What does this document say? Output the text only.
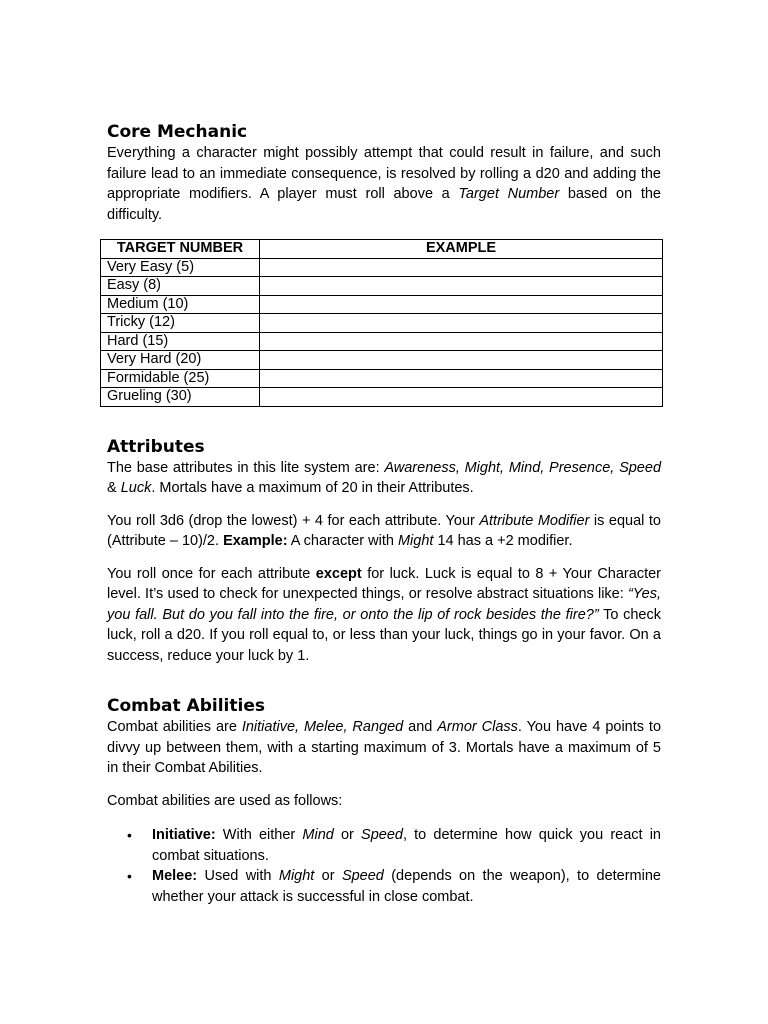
Core Mechanic

Everything a character might possibly attempt that could result in failure, and such failure lead to an immediate consequence, is resolved by rolling a d20 and adding the appropriate modifiers. A player must roll above a Target Number based on the difficulty.

TARGET NUMBER	EXAMPLE
Very Easy (5)	
Easy (8)	
Medium (10)	
Tricky (12)	
Hard (15)	
Very Hard (20)	
Formidable (25)	
Grueling (30)	
Attributes

The base attributes in this lite system are: Awareness, Might, Mind, Presence, Speed & Luck. Mortals have a maximum of 20 in their Attributes.

You roll 3d6 (drop the lowest) + 4 for each attribute. Your Attribute Modifier is equal to (Attribute – 10)/2. Example: A character with Might 14 has a +2 modifier.

You roll once for each attribute except for luck. Luck is equal to 8 + Your Character level. It’s used to check for unexpected things, or resolve abstract situations like: “Yes, you fall. But do you fall into the fire, or onto the lip of rock besides the fire?” To check luck, roll a d20. If you roll equal to, or less than your luck, things go in your favor. On a success, reduce your luck by 1.

Combat Abilities

Combat abilities are Initiative, Melee, Ranged and Armor Class. You have 4 points to divvy up between them, with a starting maximum of 3. Mortals have a maximum of 5 in their Combat Abilities.

Combat abilities are used as follows:

• Initiative: With either Mind or Speed, to determine how quick you react in combat situations.
• Melee: Used with Might or Speed (depends on the weapon), to determine whether your attack is successful in close combat.
